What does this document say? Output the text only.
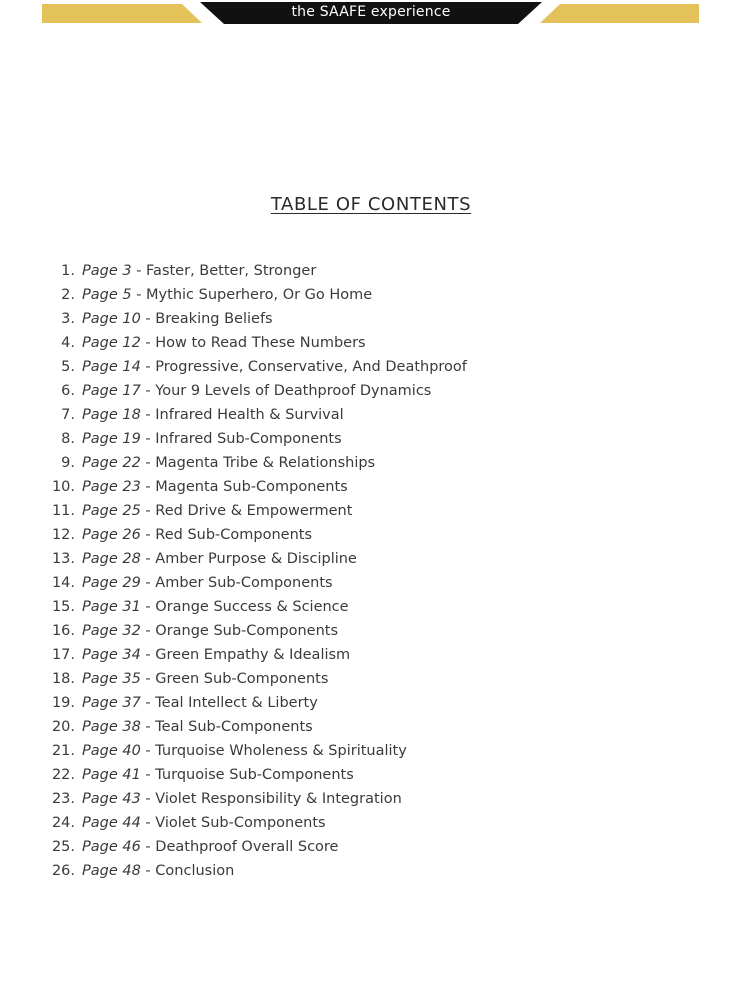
the SAAFE experience
TABLE OF CONTENTS
1. Page 3 - Faster, Better, Stronger
2. Page 5 - Mythic Superhero, Or Go Home
3. Page 10 - Breaking Beliefs
4. Page 12 - How to Read These Numbers
5. Page 14 - Progressive, Conservative, And Deathproof
6. Page 17 - Your 9 Levels of Deathproof Dynamics
7. Page 18 - Infrared Health & Survival
8. Page 19 - Infrared Sub-Components
9. Page 22 - Magenta Tribe & Relationships
10. Page 23 - Magenta Sub-Components
11. Page 25 - Red Drive & Empowerment
12. Page 26 - Red Sub-Components
13. Page 28 - Amber Purpose & Discipline
14. Page 29 - Amber Sub-Components
15. Page 31 - Orange Success & Science
16. Page 32 - Orange Sub-Components
17. Page 34 - Green Empathy & Idealism
18. Page 35 - Green Sub-Components
19. Page 37 - Teal Intellect & Liberty
20. Page 38 - Teal Sub-Components
21. Page 40 - Turquoise Wholeness & Spirituality
22. Page 41 - Turquoise Sub-Components
23. Page 43 - Violet Responsibility & Integration
24. Page 44 - Violet Sub-Components
25. Page 46 - Deathproof Overall Score
26. Page 48 - Conclusion
